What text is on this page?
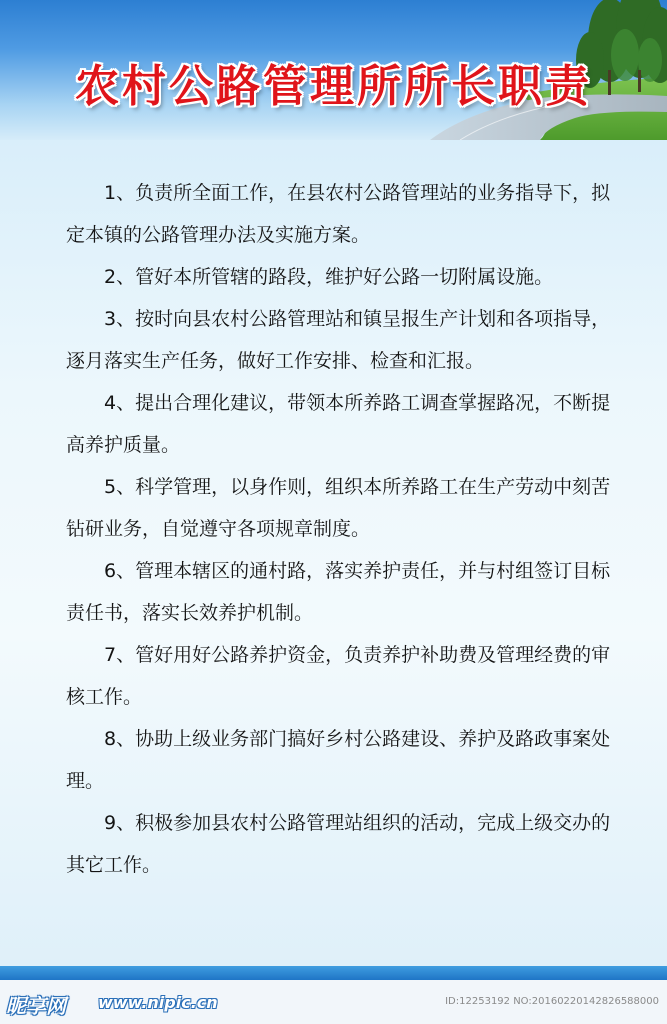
农村公路管理所所长职责

1、负责所全面工作，在县农村公路管理站的业务指导下，拟定本镇的公路管理办法及实施方案。

2、管好本所管辖的路段，维护好公路一切附属设施。

3、按时向县农村公路管理站和镇呈报生产计划和各项指导，逐月落实生产任务，做好工作安排、检查和汇报。

4、提出合理化建议，带领本所养路工调查掌握路况，不断提高养护质量。

5、科学管理，以身作则，组织本所养路工在生产劳动中刻苦钻研业务，自觉遵守各项规章制度。

6、管理本辖区的通村路，落实养护责任，并与村组签订目标责任书，落实长效养护机制。

7、管好用好公路养护资金，负责养护补助费及管理经费的审核工作。

8、协助上级业务部门搞好乡村公路建设、养护及路政事案处理。

9、积极参加县农村公路管理站组织的活动，完成上级交办的其它工作。

昵享网 www.nipic.cn	ID:12253192 NO:20160220142826588000
